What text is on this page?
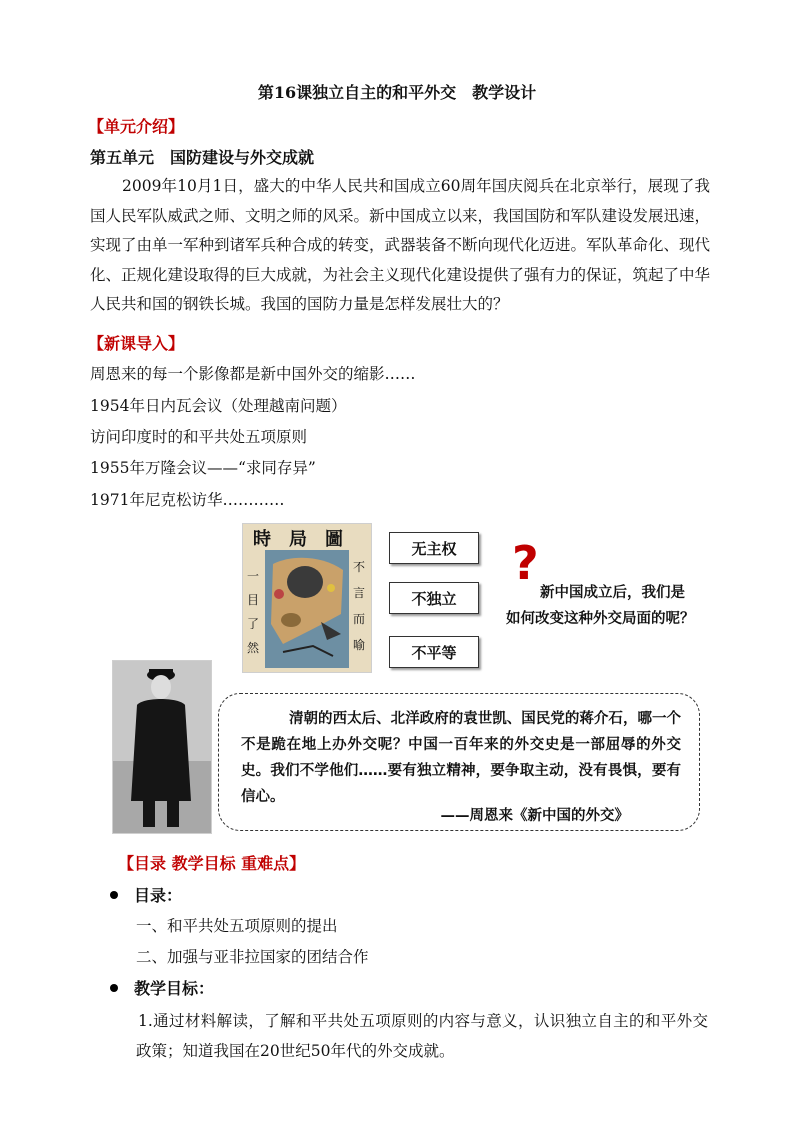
第16课独立自主的和平外交　教学设计
【单元介绍】
第五单元　国防建设与外交成就
2009年10月1日，盛大的中华人民共和国成立60周年国庆阅兵在北京举行，展现了我国人民军队威武之师、文明之师的风采。新中国成立以来，我国国防和军队建设发展迅速，实现了由单一军种到诸军兵种合成的转变，武器装备不断向现代化迈进。军队革命化、现代化、正规化建设取得的巨大成就，为社会主义现代化建设提供了强有力的保证，筑起了中华人民共和国的钢铁长城。我国的国防力量是怎样发展壮大的？
【新课导入】
周恩来的每一个影像都是新中国外交的缩影……
1954年日内瓦会议（处理越南问题）
访问印度时的和平共处五项原则
1955年万隆会议——“求同存异”
1971年尼克松访华…………
時局圖
一目了然
不言而喻
无主权
不独立
不平等
?
新中国成立后，我们是
如何改变这种外交局面的呢？
清朝的西太后、北洋政府的袁世凯、国民党的蒋介石，哪一个不是跪在地上办外交呢？中国一百年来的外交史是一部屈辱的外交史。我们不学他们……要有独立精神，要争取主动，没有畏惧，要有信心。
——周恩来《新中国的外交》
【目录 教学目标 重难点】
目录：
一、和平共处五项原则的提出
二、加强与亚非拉国家的团结合作
教学目标：
1.通过材料解读，了解和平共处五项原则的内容与意义，认识独立自主的和平外交政策；知道我国在20世纪50年代的外交成就。
